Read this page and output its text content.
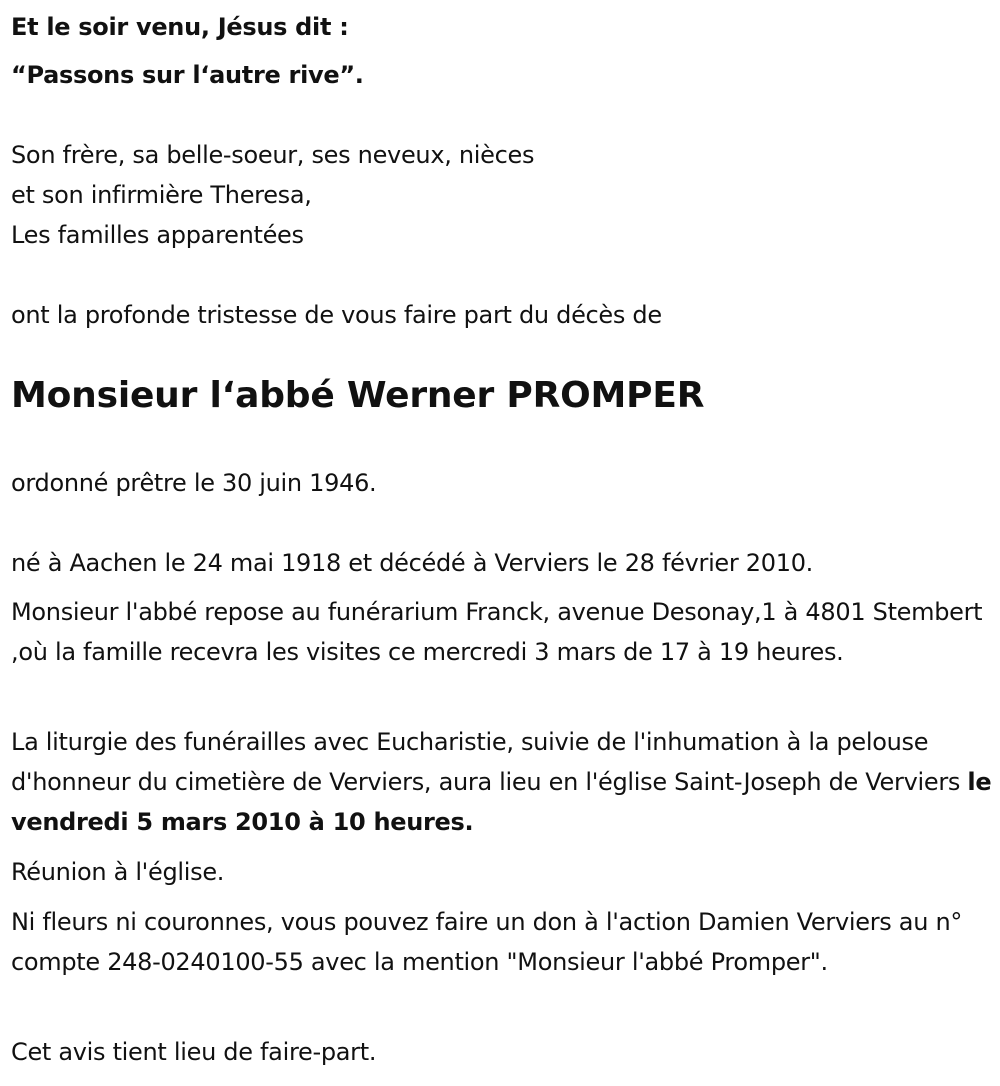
Et le soir venu, Jésus dit :
“Passons sur l‘autre rive”.
Son frère, sa belle-soeur, ses neveux, nièces
et son infirmière Theresa,
Les familles apparentées
ont la profonde tristesse de vous faire part du décès de
Monsieur l‘abbé Werner PROMPER
ordonné prêtre le 30 juin 1946.
né à Aachen le 24 mai 1918 et décédé à Verviers le 28 février 2010.
Monsieur l'abbé repose au funérarium Franck, avenue Desonay,1 à 4801 Stembert ,où la famille recevra les visites ce mercredi 3 mars de 17 à 19 heures.
La liturgie des funérailles avec Eucharistie, suivie de l'inhumation à la pelouse d'honneur du cimetière de Verviers, aura lieu en l'église Saint-Joseph de Verviers le vendredi 5 mars 2010 à 10 heures.
Réunion à l'église.
Ni fleurs ni couronnes, vous pouvez faire un don à l'action Damien Verviers au n° compte 248-0240100-55 avec la mention "Monsieur l'abbé Promper".
Cet avis tient lieu de faire-part.
